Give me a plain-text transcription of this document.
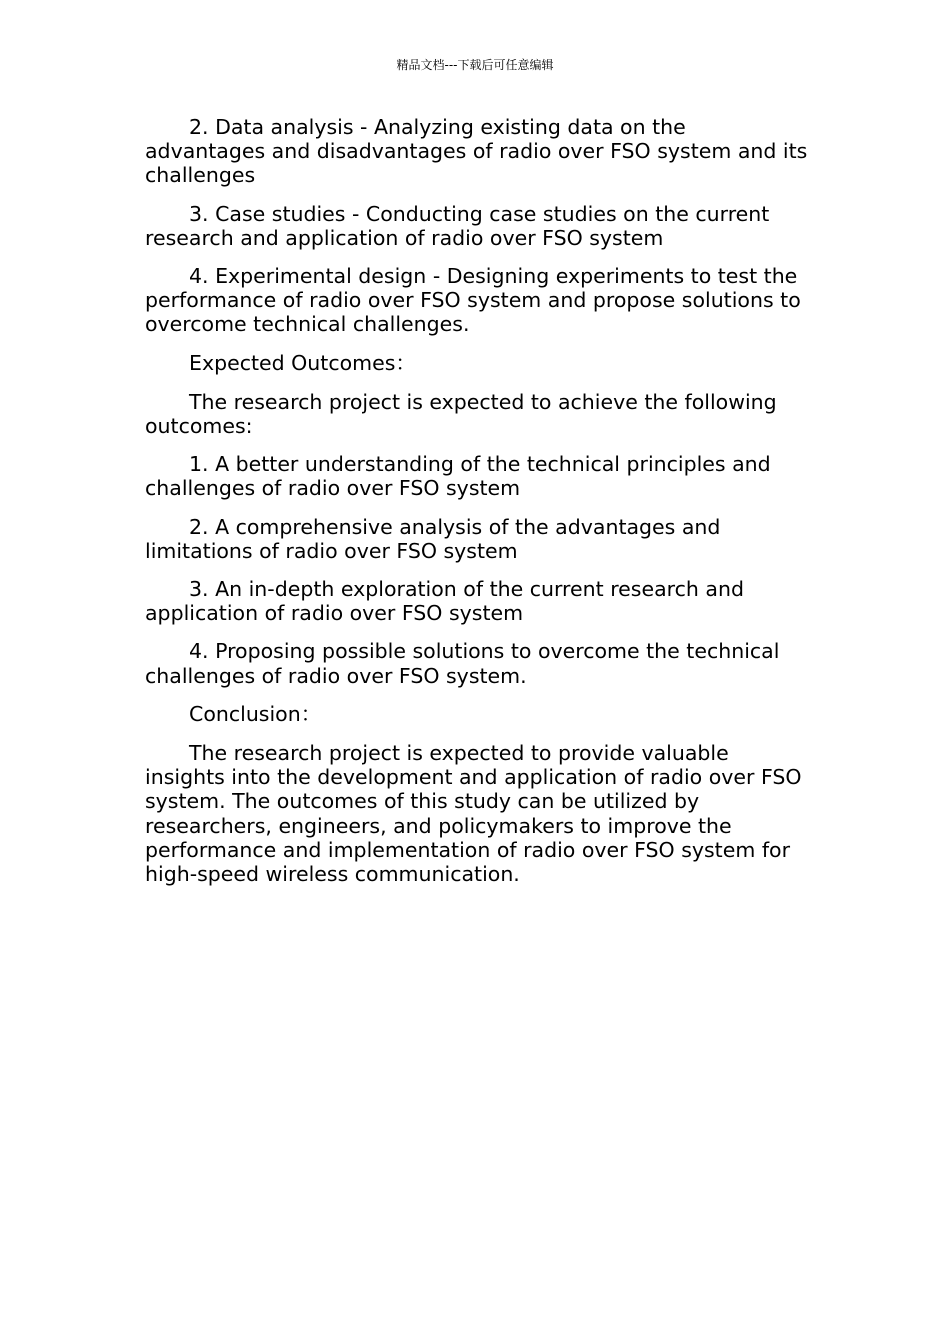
精品文档---下载后可任意编辑

2. Data analysis - Analyzing existing data on the advantages and disadvantages of radio over FSO system and its challenges

3. Case studies - Conducting case studies on the current research and application of radio over FSO system

4. Experimental design - Designing experiments to test the performance of radio over FSO system and propose solutions to overcome technical challenges.

Expected Outcomes：

The research project is expected to achieve the following outcomes:

1. A better understanding of the technical principles and challenges of radio over FSO system

2. A comprehensive analysis of the advantages and limitations of radio over FSO system

3. An in-depth exploration of the current research and application of radio over FSO system

4. Proposing possible solutions to overcome the technical challenges of radio over FSO system.

Conclusion：

The research project is expected to provide valuable insights into the development and application of radio over FSO system. The outcomes of this study can be utilized by researchers, engineers, and policymakers to improve the performance and implementation of radio over FSO system for high-speed wireless communication.
